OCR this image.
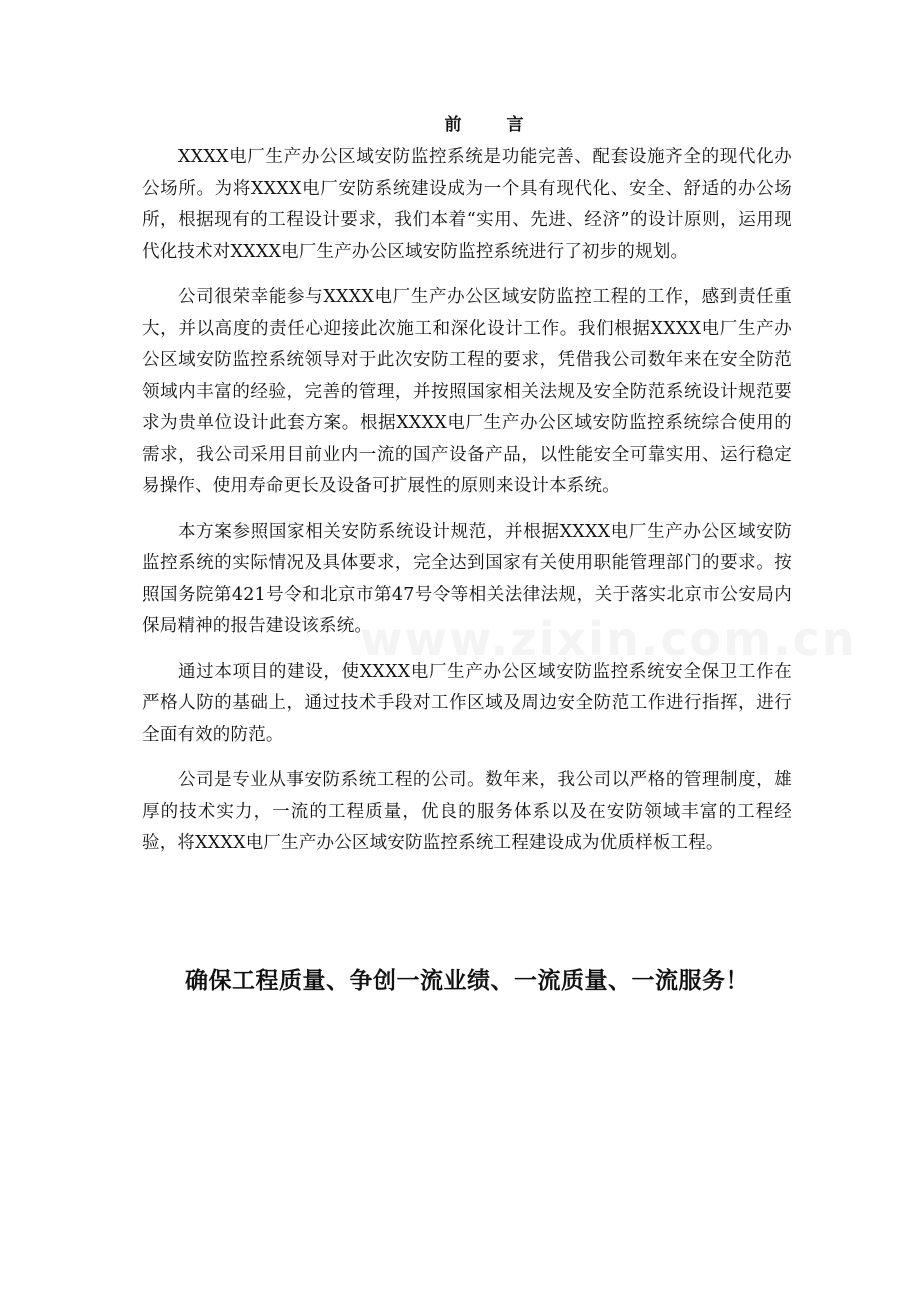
前　言

XXXX电厂生产办公区域安防监控系统是功能完善、配套设施齐全的现代化办公场所。为将XXXX电厂安防系统建设成为一个具有现代化、安全、舒适的办公场所，根据现有的工程设计要求，我们本着“实用、先进、经济”的设计原则，运用现代化技术对XXXX电厂生产办公区域安防监控系统进行了初步的规划。

公司很荣幸能参与XXXX电厂生产办公区域安防监控工程的工作，感到责任重大，并以高度的责任心迎接此次施工和深化设计工作。我们根据XXXX电厂生产办公区域安防监控系统领导对于此次安防工程的要求，凭借我公司数年来在安全防范领域内丰富的经验，完善的管理，并按照国家相关法规及安全防范系统设计规范要求为贵单位设计此套方案。根据XXXX电厂生产办公区域安防监控系统综合使用的需求，我公司采用目前业内一流的国产设备产品，以性能安全可靠实用、运行稳定易操作、使用寿命更长及设备可扩展性的原则来设计本系统。

本方案参照国家相关安防系统设计规范，并根据XXXX电厂生产办公区域安防监控系统的实际情况及具体要求，完全达到国家有关使用职能管理部门的要求。按照国务院第421号令和北京市第47号令等相关法律法规，关于落实北京市公安局内保局精神的报告建设该系统。

通过本项目的建设，使XXXX电厂生产办公区域安防监控系统安全保卫工作在严格人防的基础上，通过技术手段对工作区域及周边安全防范工作进行指挥，进行全面有效的防范。

公司是专业从事安防系统工程的公司。数年来，我公司以严格的管理制度，雄厚的技术实力，一流的工程质量，优良的服务体系以及在安防领域丰富的工程经验，将XXXX电厂生产办公区域安防监控系统工程建设成为优质样板工程。

确保工程质量、争创一流业绩、一流质量、一流服务！
www.zixin.com.cn
